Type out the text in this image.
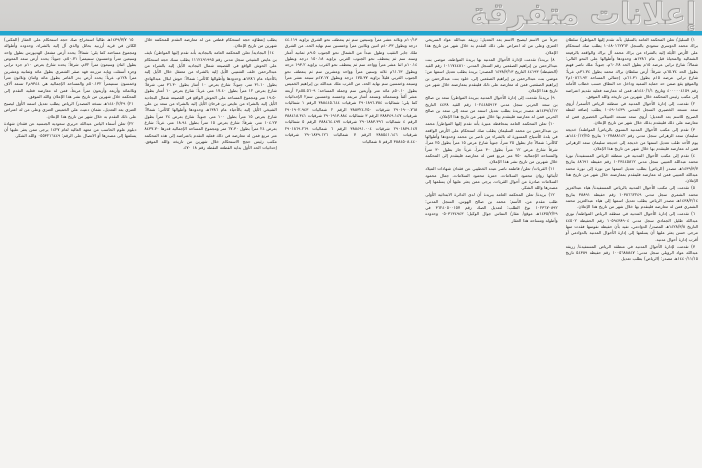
إعلانات متفرقة

١) السليل/ تعلن المحكمة العامة بالسليل بأنه تقدم إليها المواطن/ سلطان براك محمد الدوسري سعودي بالسجل ١٠٤٨٠١٦٢٧٦٢ يطلب صك استحكام على الأرض الأيلة إليه بالشراء من براك محمد آل براك والواقعة بالرفيعة الشمالية والمحياة قبل عام ١٣٨٦هـ وحدودها وأطوالها على النحو التالي: شمالاً: شارع ترابي عرضه ١٥م بطول الحد ٦٠.٢٨م، جنوباً: ملك ناصر فهيم بطول الحد ٦٥.٧٤م، شرقاً: أرض سلطان براك محمد بطول ٣١.٧٤م، غرباً: شارع ترابي عرضه ١٥م بطول ٦١.٣١م، إجمالي المساحة ١٠٨٦٦.٩٢م٢ والموقع يقع ضمن حد حماية التنمية وداخل حد النطاق حسب خطاب الأمانة رقم ٤٠٠٠٠٠٤١٥٩ وتاريخ ١٤٤٠/٦/١هـ فمن له معارضة فعليه تقديم اعتراضه إلى مكتب رئيس المحكمة خلال شهرين من تاريخه والله الموفق.

٢) تقدمت إلى إدارة الأحوال المدنية في منطقة الرياض الأسمر/ أروى سعد مسعد الخضيري السجل المدني ١٠٤٩٠١٤٣٩ يطلب إضافة لفظة الصريح للاسم بعد التعديل: أروى سعد مسعد العبيلاني الخضيري فمن له معارضة على ذلك فليتقدم بذلك خلال شهر من تاريخ الإعلان.

٣) تقدم إلى مكتب الأحوال المدنية النسوي بالرياض/ المواطنة/ خديجة سليمان سعد الزهراني سجل مدني رقم ١٠٢٧٨٨٨١٤٢ بتاريخ ١٤٤٠/١٢/٢٥هـ يوم الأحد طلب تعديل اسمها من خديجة إلى خديجة سليمان سعد الزهراني فمن له معارضة فليتقدم بها خلال شهر من تاريخ هذا الإعلان.

٤) تقدم إلى مكتب الأحوال المدنية في منطقة الرياض المستفيدة/ نورة محمد عبدالله العتيبي سجل مدني ١٠٢٣٤٤٥٨١٢ رقم حفيظة ٤٨٦٩١ بتاريخ ١٤٣٩/٣/٧هـ مصدر (الرياض) بطلب تعديل اسمها من نورة إلى نورة محمد عبدالله العتيبي فمن له معارضة فليتقدم بمعارضته خلال شهر من تاريخ هذا الإعلان.

٥) تقدمت إلى مكتب الأحوال المدنية بالرياض المستفيدة/ هياء عبدالعزيز محمد الشمري سجل مدني ١٠٣٨٦٦٢٢٤٩ رقم حفيظة ٣٨٨٩١ بتاريخ ١٤٣٨/٢/١٤هـ مصدر الرياض بطلب تعديل اسمها إلى هياء عبدالعزيز محمد الشمري فمن له معارضة فليتقدم بها خلال شهر من تاريخ هذا الإعلان.

٦) تقدمت إلى إدارة الأحوال المدنية في منطقة الرياض المواطنة/ نوري عبدالله طليل الجمادي سجل مدني ١٠٥٩٤٣٨٩٠٤ رقم الحفيظة ٤٤٥٠٢ التاريخ ١٤٢٨/٣/٨هـ المصدر/ الدوادمي، تفيد بأن حفيظة نفوسها فقدت منها مرجى حسن يعثر عليها أن يسلمها إلى إدارة الأحوال المدنية بالدوادمي أو أقرب إدارة أحوال مدنية.

٧) تقدمت لإدارة الأحوال المدنية في منطقة الرياض المستفيدة/ زريفة عبدالله عواد الرويلي سجل مدني: ١٠٠٥٦٨٨٨٤٧ رقم حفيظة ٥٤٣٨٩ تاريخ ١٤٤٠/١١/١٥هـ مصدر: (الرياض) بطلب تعديل

جزءاً من الاسم ليصبح الاسم بعد التعديل: زريفة عبدالله عواد السريحي العنزي وعلى من له اعتراض على ذلك التقدم به خلال شهر من تاريخ هذا الإعلان.

٨) بريدة/ تقدمت لإدارة الأحوال المدنية بها بريدة المواطنة، موضي بنت عبدالرحمن بن إبراهيم الصقعبي رقم السجل المدني ١٠١١٧٤٤٨١٠ رقم القيد (الحفيظة) ٤٤١٩٣ التاريخ ١٤٣٨/٣/١٣ المصدر: بريدة بطلب تعديل اسمها من: موضي بنت عبدالرحمن بن إبراهيم الصقعبي إلى، خلود بنت عبدالرحمن بن إبراهيم الصقعبي فمن له معارضة على ذلك فليتقدم بمعارضته خلال شهر من تاريخ هذا الإعلان.

٩) بريدة/ تقدمت إلى إدارة الأحوال المدنية ببريدة المواطن/ سعد بن صالح بن سعد الحربي سجل مدني ١٠٢٤٤٨٥٩١٣ رقم القيد ٤٤٣٨ التاريخ ١٤٣٩/٤/١٢هـ مصدر بريدة بطلب تعديل اسمه من سعد إلى سعد بن صالح الحربي فمن له معارضة فليتقدم بها خلال شهر من تاريخ هذا الإعلان.

١٠) تعلن المحكمة العامة بمحافظة عنيزة بأنه تقدم إليها المواطن/ محمد بن عبدالرحمن بن محمد السليمان يطلب صك استحكام على الأرض الواقعة في بلدة الأسياح المسورة له بالشراء من ناصر بن محمد وحدودها وأطوالها كالآتي: شمالاً جار بطول ٢٥ متراً، جنوباً شارع عرض ١٥ متراً بطول ٢٥ متراً، شرقاً شارع عرض ١٢ متراً بطول ٣٠ متراً، غرباً جار بطول ٣٠ متراً والمساحة الإجمالية ٧٥٠ متر مربع فمن له معارضة فليتقدم إلى المحكمة خلال شهرين من تاريخ نشر هذا الإعلان.

١١) القريات/ تعلن/ فاطمة ناصر عبده الخطيبي عن فقدان شهادات الميلاد لأبنائها روان محمود السلامات، حمزة محمود السلامات، جمال محمود السلامات صادرة من أحوال القريات، يرجى ممن يعثر عليها أن يسلمها إلى مصدرها والله الشكر.

١٢) بريدة/ تعلن المحكمة العامة ببريدة أن لدى الدائرة الابتدائية الأولى طلب مقدم من، الأسم: محمد بن صالح الهوس، السجل المدني: ١٠٢٣٦٧٠٨٩٢ نوع الطلب: لتعديل الصك رقم ٣٦٢٤٠٥٠٠١٥٧ في ١٤٣٥/٢/٢٩هـ موقع/ عقار/ التماس جوال الوكيل: ٠٥٠٣١٣٤٩٤٣ وحدوده وأطوله ومساحة هذا العقار

١٠/١٣م وثلاثة عشر متراً وسبعين سم ثم ينعطف نحو الشرق بزاوية ٤٤.١١٩ درجة وبطول ٤٠.٣٣م اثنين وثلاثين متراً وخمسين سم نهاية الحد، من الشرق ملك جابر الثقيب وطول عبداً من الشمال نحو الجنوب ٩.٥م ثمانية أمتار وستة سم ثم ينعطف نحو الجنوب الغربي بزاوية ١٥٠.١٨ درجة وبطول ١٠.١٤م اثنا عشر متراً وواحد سم ثم ينعطف نحو الغرب بزاوية ١٩٣.٢ درجة وبطول ٦١.٦٣م ثلاثة وستين متراً وواحد وعشرين سم ثم ينعطف نحو الجنوب الغربي قليلاً بزاوية ١٧٥.٣٧ درجة وبطول ٤٧.١٧م سبعة عشر متراً وسبعة وخمسين سم نهاية الحد، من الغرب ملك عبدالله بن إبراهيم الخميس بطول ٥٠.١٠م مائة متر وأربعين سم وجملة المساحة: ٥٥.٥٦٠٩م٢ أربعة عشر ألفاً وتسعمائة وتسعة أمتار مربعة وخمسة وخمسين سم٢ الإحداثيات كما يلي: شماليات ٢٩٠١٨٩٦.٧٨٤ شرقيات ٣٨٨٤٤٥.٦٤٤ الرقم ١ شماليات ٢٩٠١٩٠٠.٧٦٨ شرقيات ٣٨٨٣٢٤.٢٥٠ الرقم ٢ شماليات ٢٩٠١٩٠٢.٩٤٣ شرقيات ٣٨٨٣٤٩.١٤٧ الرقم ٣ شماليات ٢٩٠١٩١٣.٨٨٤ شرقيات ٣٨٨٤١٨.٣٤١ الرقم ٤ شماليات ٢٩٠١٨٨٣.٣٩٦ شرقيات ٣٨٨٤٦٤.٤٩٧ الرقم ٥ شماليات ٢٩٠١٨٧٩.١٤٧ شرقيات ٣٨٨٤٩١.٠٠٤ الرقم ٦ شماليات ٢٩٠١٨٦٩.٢٦٩ شرقيات ٣٨٨٥٤١.١٤٦ الرقم ٧ شماليات ٢٩٠١٨٣٩.١٢٦ شرقيات ٣٨٨٤٥٠٨.٤٤٠ الرقم ٨ شماليات

يطلب إعطاؤه حجة استحكام قطعي من له معارضة التقدم للمحكمة خلال شهرين من تاريخ الإعلان.

١٤) البجادية/ تعلن المحكمة العامة بالبجادية بأنه تقدم إليها المواطن/ نايف بن عايض الشيخي سجل مدني رقم ١١١٢٤٩١٩٩٥ يطلب سنك حجة استحكام على الحوش الواقع في القصيعة شمال البجادية الأيل إليه بالشراء من عبدالرحمن خلف الشتيبي الأيل إليه بالشراء من معتقل خلال الأيل إليه بالأحياء عام ١٣٨٦هـ وحدودها وأطوالها كالآتي: شمالاً: حوش لبلال عبدالهادي بطول ٣١.١٠ متر، جنوباً: شارع بعرض ١٠ أمتار بطول ٣٦.٣٠ متر، شرقاً: شارع بعرض ١٢ متراً بطول ١٧.٤٠ متر، غرباً: شارع بعرض ١٠ أمتار بطول ١٩.٥٠ متر ومجموع المساحة على الحوش الواقع في القصيعة شمال البجادية الأيل إليه بالشراء من عايض بن فرحان الأيل إليه بالشراء من سعد بن علي الشيخي الأيل إليه بالأحياء عام ١٣٨٦هـ وحدودها وأطوالها كالآتي: شمالاً: شارع بعرض ١٥ متراً بطول ١٠٠ متر، جنوباً: شارع بعرض ٢٤ متراً بطول ١٠٤.٢٧ متر، شرقاً: شارع بعرض ١٥ متراً بطول ١٨.٩٤ متر، غرباً: شارع بعرض ٢٤ متراً بطول ٦٧.٣٠ متر ومجموع المساحة الإجمالية قدرها ٨٤٣٧.٧٠ متر مربع فمن له معارضة في ذلك فعليه التقدم باعتراضه إلى هذه المحكمة مكتب رئيس حجج الاستحكام خلال شهرين من تاريخه والله الموفق. إحداثيات الحد الأول بداية القطعة النقطة رقم ١٨ ٤٧٠.

١٥ ١٤٣٩/٧/٧هـ طالباً استخراج صك حجة استحكام على العقار (المكنى) الكائن في قرية أرزنية بحائل والذي آل إليه بالشراء، وحدوده وأطواله ومجموع مساحته كما يلي: شمالاً: يحده أرض مشعل الهديورس بطول واحد وسبعين متراً وخمسون سنتيمتراً ٥٠.٧١م، جنوباً: يحده أرض سعد المعوض بطول اثنان وسبعون متراً ٧٢م، شرقاً: يحده شارع بعرض ١٠م جزء ترابي وجزء أسفلت وبابه مزرعة فهد صقر الشمري بطول مائة وثمانية وعشرين متراً ١٢٨م، غرباً: يحده أرض بدر الغامر بطول مائة واثنان وثلاثون متراً وخمسون سنتيمتراً ٥٠.١٣٢م والمساحة الإجمالية هي ٩٣٤٤م٢ تسعة آلاف وثلاثمائة وأربعة وأربعون متراً مربعاً، فمن له معارضة فعليه التقدم إلى المحكمة خلال شهرين من تاريخ نشر هذا الإعلان والله الموفق.

٢١) ١٤٤٠/٢/٢٩هـ نسخة المصدر/ الرياض يطلب تعديل اسمه الأول ليصبح العنزي بعد التعديل، عثمان دعيث علي الخميس العنزي وعلى من له اعتراض على ذلك التقدم به خلال شهر من تاريخ هذا الإعلان.

٢٢) تعلن أسماء الياس عبدالله حريري سعودية الجنسية عن فقدان شهادة دبلوم علوم الحاسب من معهد العالية لعام ١٤٢٧ يرجى ممن يعثر عليها أن يسلمها إلى مصدرها أو الاتصال على الرقم: ٠٥٥٣٢١٦٤٤٩ والله الشكر.
